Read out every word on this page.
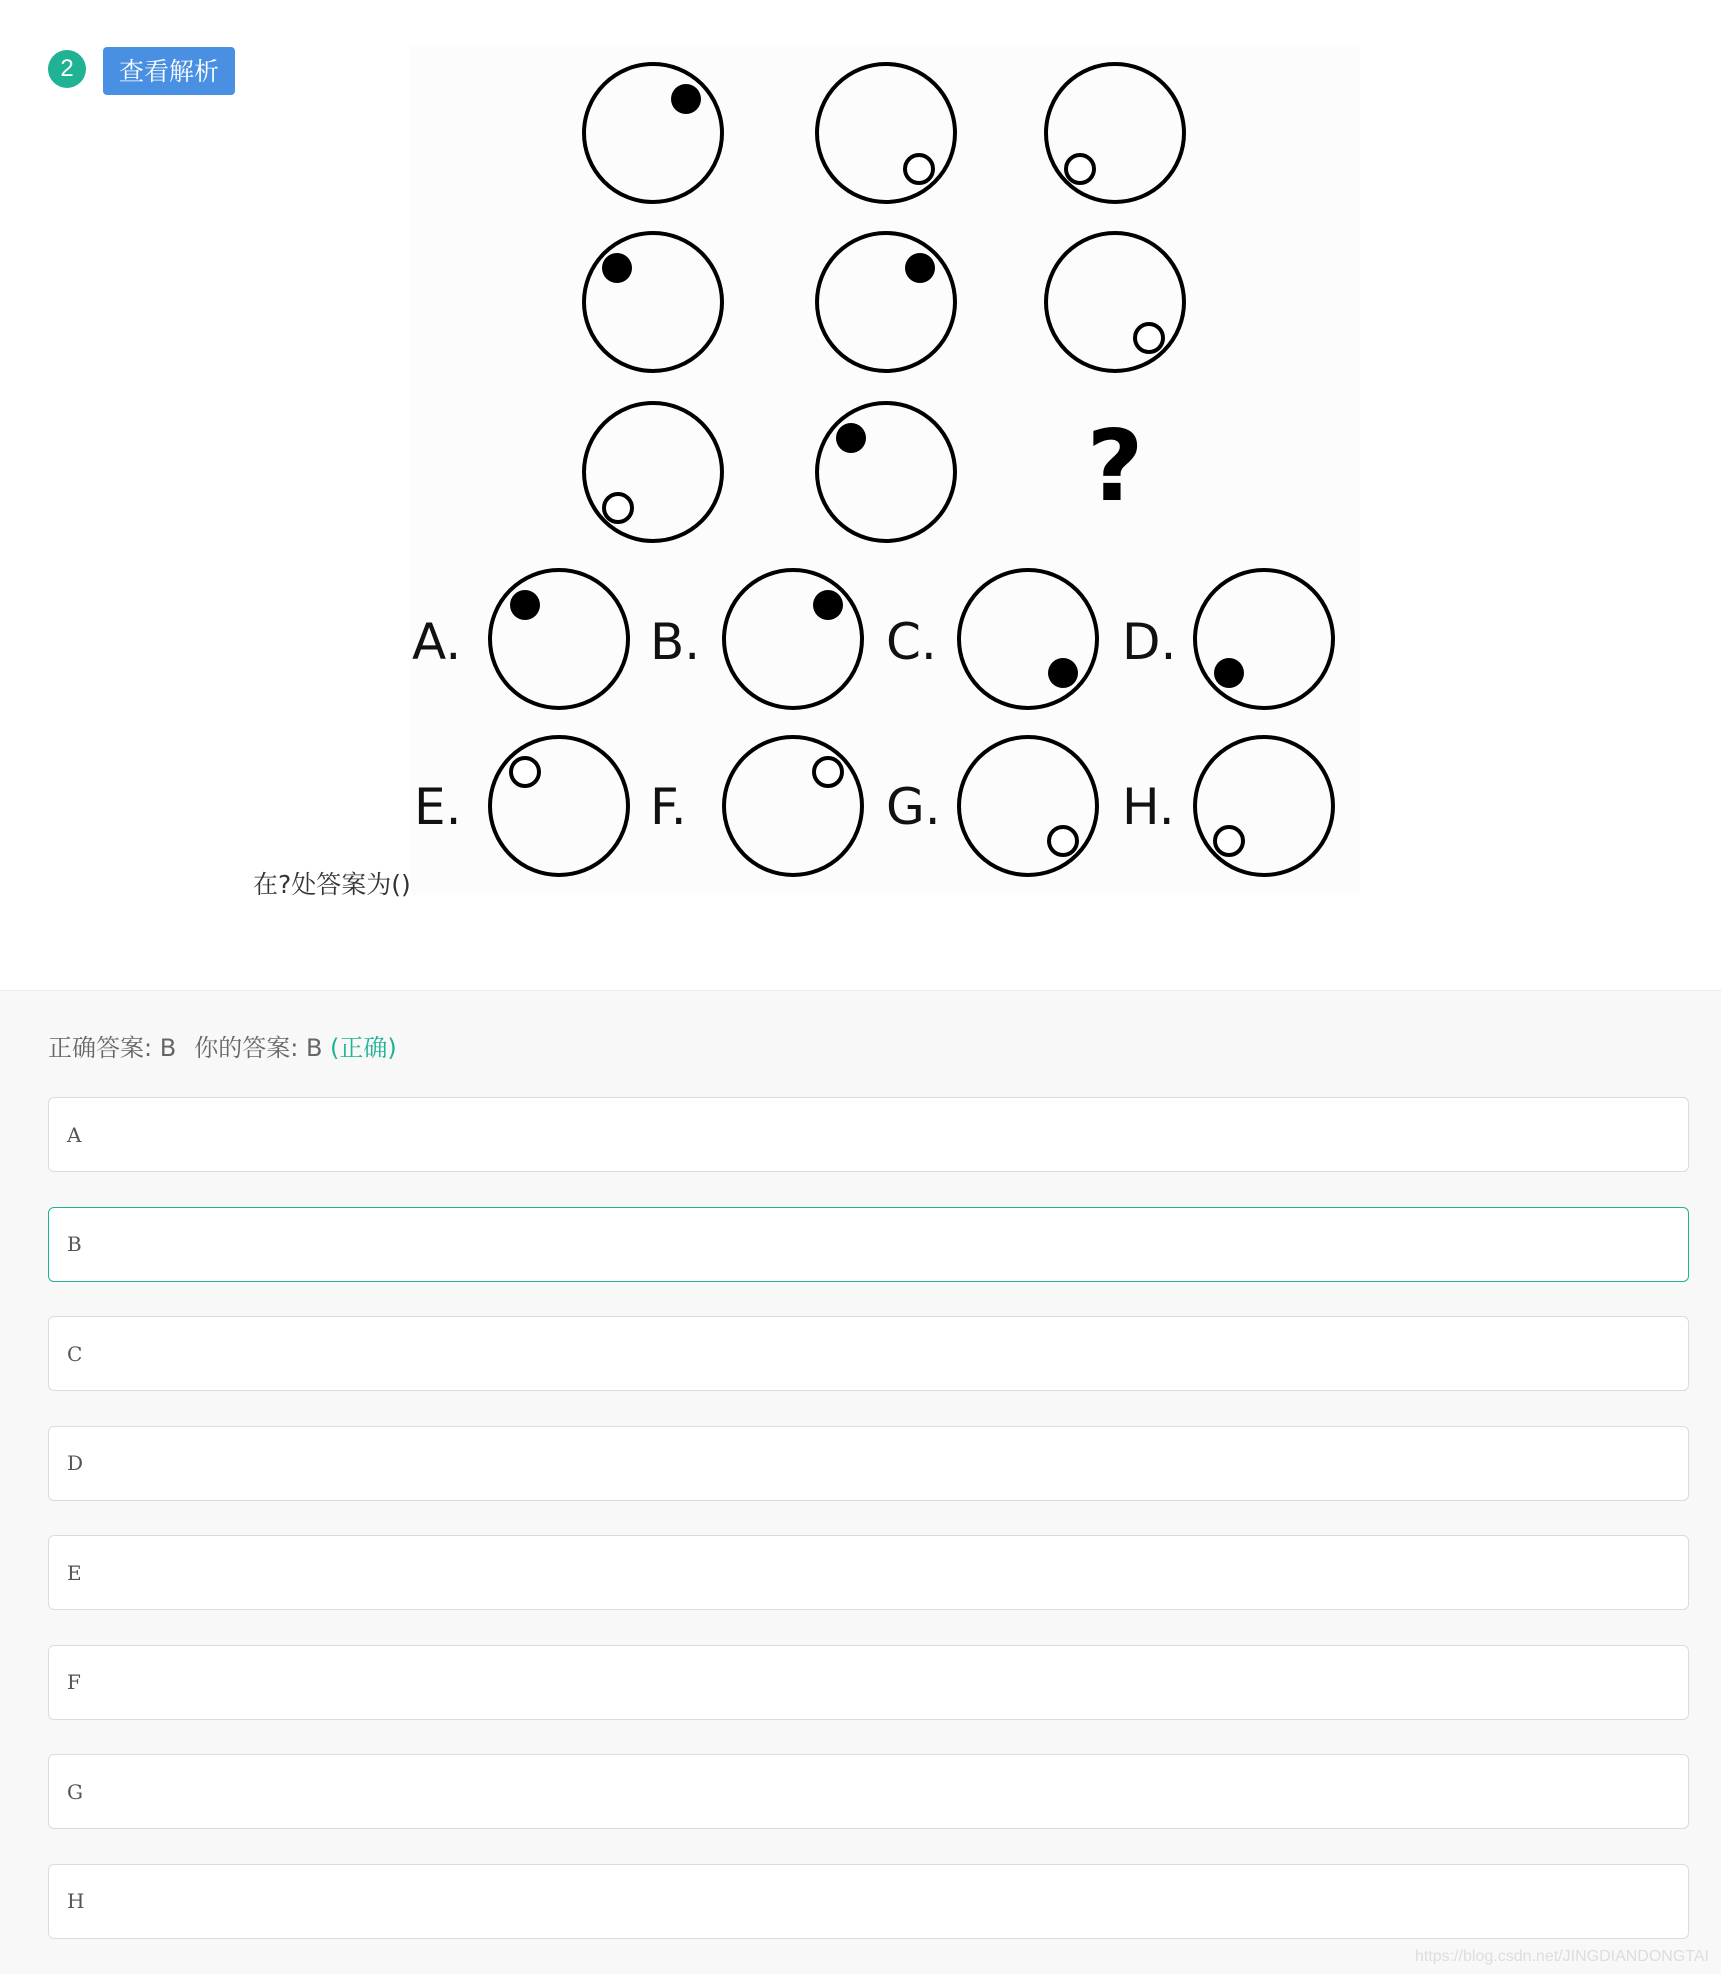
2	查看解析
?
A.	B.	C.	D.
E.	F.	G.	H.
在?处答案为()
正确答案: B 你的答案: B (正确)
A
B
C
D
E
F
G
H
https://blog.csdn.net/JINGDIANDONGTAI
